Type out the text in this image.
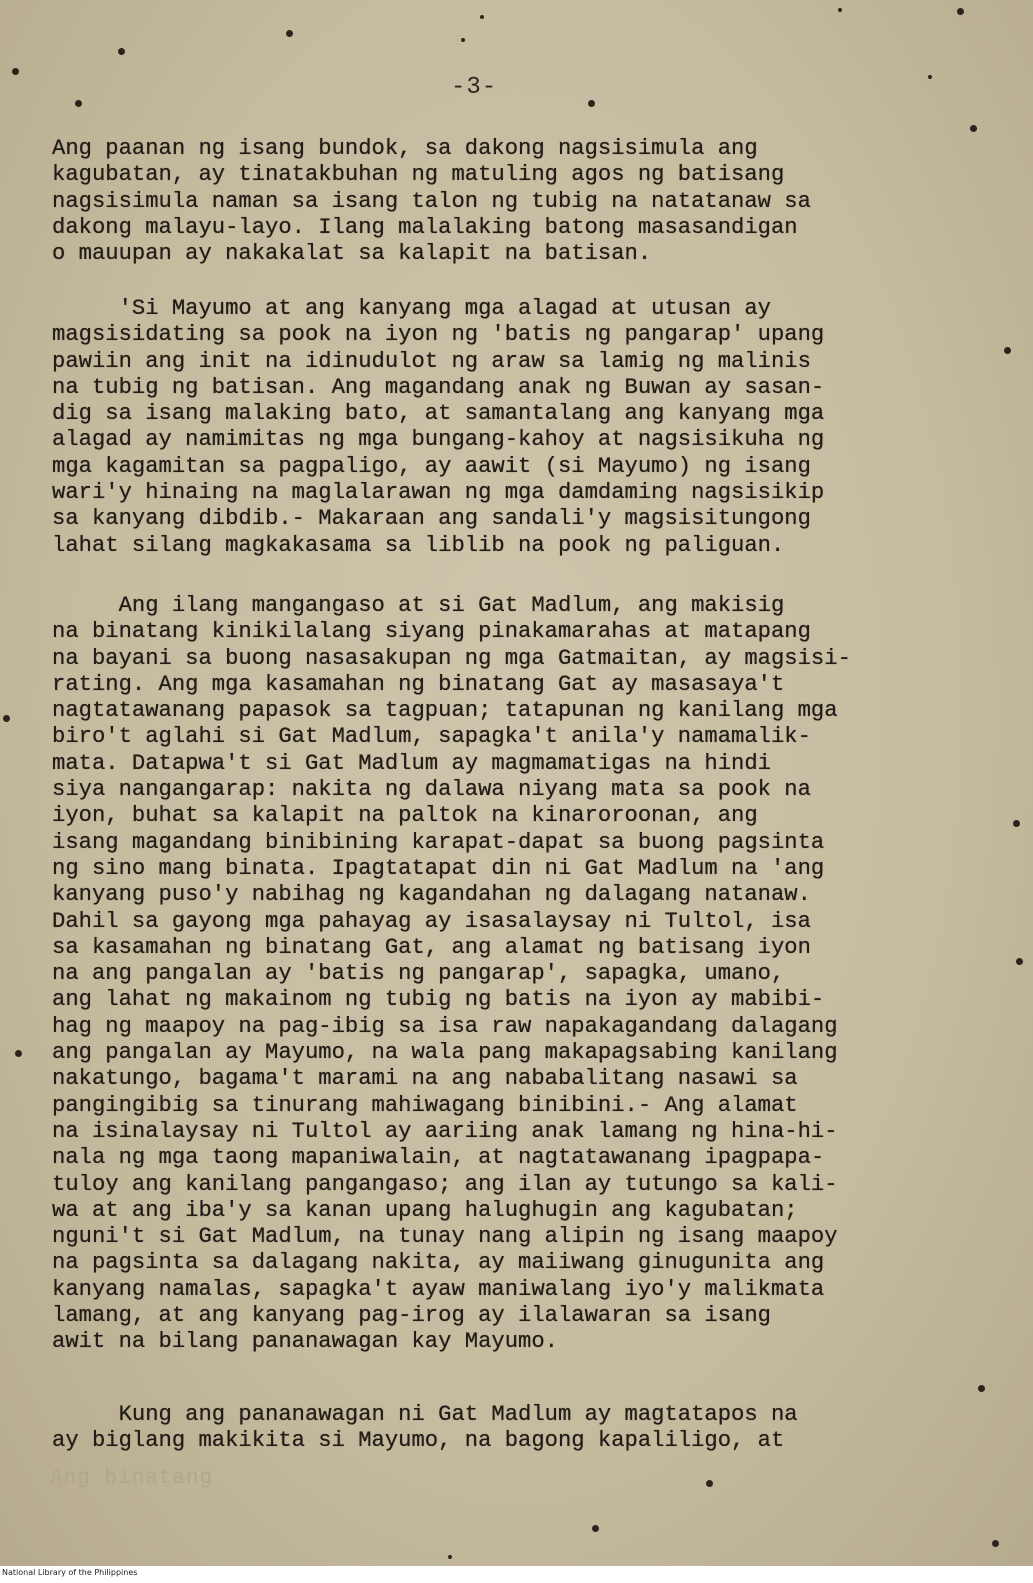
-3-

Ang paanan ng isang bundok, sa dakong nagsisimula ang
kagubatan, ay tinatakbuhan ng matuling agos ng batisang
nagsisimula naman sa isang talon ng tubig na natatanaw sa
dakong malayu-layo. Ilang malalaking batong masasandigan
o mauupan ay nakakalat sa kalapit na batisan.

'Si Mayumo at ang kanyang mga alagad at utusan ay
magsisidating sa pook na iyon ng 'batis ng pangarap' upang
pawiin ang init na idinudulot ng araw sa lamig ng malinis
na tubig ng batisan. Ang magandang anak ng Buwan ay sasan-
dig sa isang malaking bato, at samantalang ang kanyang mga
alagad ay namimitas ng mga bungang-kahoy at nagsisikuha ng
mga kagamitan sa pagpaligo, ay aawit (si Mayumo) ng isang
wari'y hinaing na maglalarawan ng mga damdaming nagsisikip
sa kanyang dibdib.- Makaraan ang sandali'y magsisitungong
lahat silang magkakasama sa liblib na pook ng paliguan.

Ang ilang mangangaso at si Gat Madlum, ang makisig
na binatang kinikilalang siyang pinakamarahas at matapang
na bayani sa buong nasasakupan ng mga Gatmaitan, ay magsisi-
rating. Ang mga kasamahan ng binatang Gat ay masasaya't
nagtatawanang papasok sa tagpuan; tatapunan ng kanilang mga
biro't aglahi si Gat Madlum, sapagka't anila'y namamalik-
mata. Datapwa't si Gat Madlum ay magmamatigas na hindi
siya nangangarap: nakita ng dalawa niyang mata sa pook na
iyon, buhat sa kalapit na paltok na kinaroroonan, ang
isang magandang binibining karapat-dapat sa buong pagsinta
ng sino mang binata. Ipagtatapat din ni Gat Madlum na 'ang
kanyang puso'y nabihag ng kagandahan ng dalagang natanaw.
Dahil sa gayong mga pahayag ay isasalaysay ni Tultol, isa
sa kasamahan ng binatang Gat, ang alamat ng batisang iyon
na ang pangalan ay 'batis ng pangarap', sapagka, umano,
ang lahat ng makainom ng tubig ng batis na iyon ay mabibi-
hag ng maapoy na pag-ibig sa isa raw napakagandang dalagang
ang pangalan ay Mayumo, na wala pang makapagsabing kanilang
nakatungo, bagama't marami na ang nababalitang nasawi sa
pangingibig sa tinurang mahiwagang binibini.- Ang alamat
na isinalaysay ni Tultol ay aariing anak lamang ng hina-hi-
nala ng mga taong mapaniwalain, at nagtatawanang ipagpapa-
tuloy ang kanilang pangangaso; ang ilan ay tutungo sa kali-
wa at ang iba'y sa kanan upang halughugin ang kagubatan;
nguni't si Gat Madlum, na tunay nang alipin ng isang maapoy
na pagsinta sa dalagang nakita, ay maiiwang ginugunita ang
kanyang namalas, sapagka't ayaw maniwalang iyo'y malikmata
lamang, at ang kanyang pag-irog ay ilalawaran sa isang
awit na bilang pananawagan kay Mayumo.

Kung ang pananawagan ni Gat Madlum ay magtatapos na
ay biglang makikita si Mayumo, na bagong kapaliligo, at

Ang binatang
National Library of the Philippines
